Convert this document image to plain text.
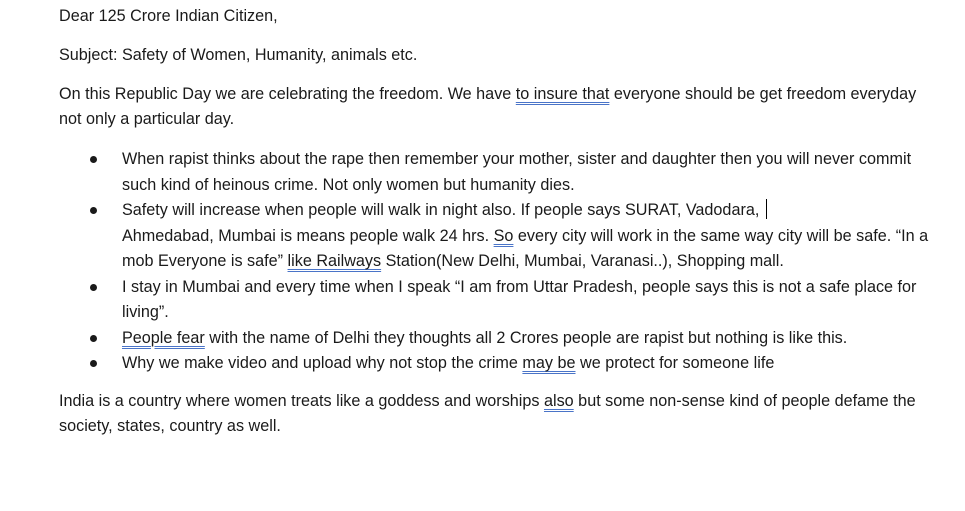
Dear 125 Crore Indian Citizen,

Subject: Safety of Women, Humanity, animals etc.

On this Republic Day we are celebrating the freedom. We have to insure that everyone should be get freedom everyday not only a particular day.

When rapist thinks about the rape then remember your mother, sister and daughter then you will never commit such kind of heinous crime. Not only women but humanity dies.
Safety will increase when people will walk in night also. If people says SURAT, Vadodara,
Ahmedabad, Mumbai is means people walk 24 hrs. So every city will work in the same way city will be safe. “In a mob Everyone is safe” like Railways Station(New Delhi, Mumbai, Varanasi..), Shopping mall.
I stay in Mumbai and every time when I speak “I am from Uttar Pradesh, people says this is not a safe place for living”.
People fear with the name of Delhi they thoughts all 2 Crores people are rapist but nothing is like this.
Why we make video and upload why not stop the crime may be we protect for someone life

India is a country where women treats like a goddess and worships also but some non-sense kind of people defame the society, states, country as well.
